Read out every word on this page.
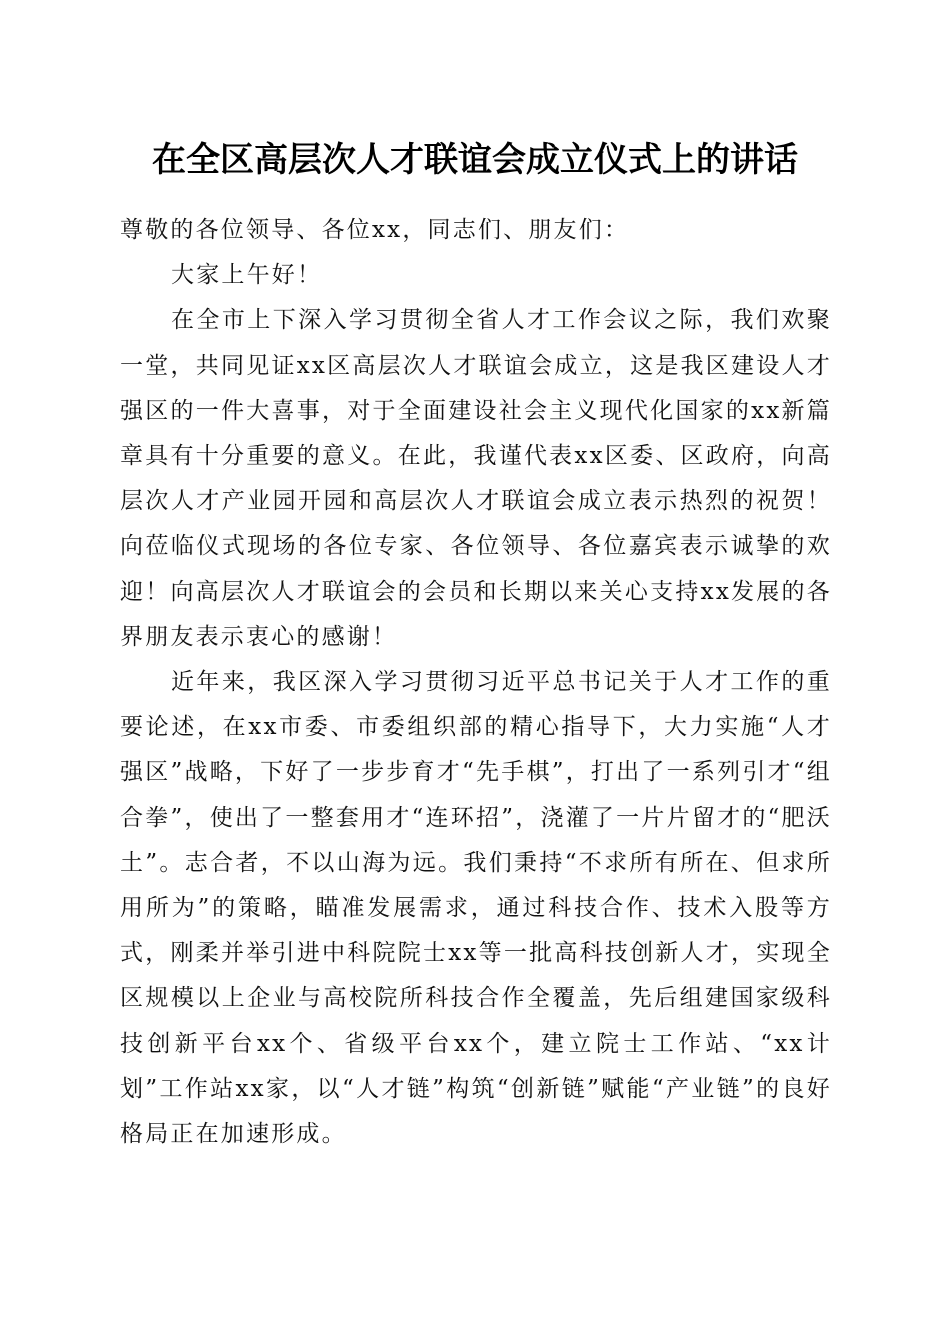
在全区高层次人才联谊会成立仪式上的讲话

尊敬的各位领导、各位xx，同志们、朋友们：

大家上午好！

在全市上下深入学习贯彻全省人才工作会议之际，我们欢聚一堂，共同见证xx区高层次人才联谊会成立，这是我区建设人才强区的一件大喜事，对于全面建设社会主义现代化国家的xx新篇章具有十分重要的意义。在此，我谨代表xx区委、区政府，向高层次人才产业园开园和高层次人才联谊会成立表示热烈的祝贺！向莅临仪式现场的各位专家、各位领导、各位嘉宾表示诚挚的欢迎！向高层次人才联谊会的会员和长期以来关心支持xx发展的各界朋友表示衷心的感谢！

近年来，我区深入学习贯彻习近平总书记关于人才工作的重要论述，在xx市委、市委组织部的精心指导下，大力实施“人才强区”战略，下好了一步步育才“先手棋”，打出了一系列引才“组合拳”，使出了一整套用才“连环招”，浇灌了一片片留才的“肥沃土”。志合者，不以山海为远。我们秉持“不求所有所在、但求所用所为”的策略，瞄准发展需求，通过科技合作、技术入股等方式，刚柔并举引进中科院院士xx等一批高科技创新人才，实现全区规模以上企业与高校院所科技合作全覆盖，先后组建国家级科技创新平台xx个、省级平台xx个，建立院士工作站、“xx计划”工作站xx家，以“人才链”构筑“创新链”赋能“产业链”的良好格局正在加速形成。
